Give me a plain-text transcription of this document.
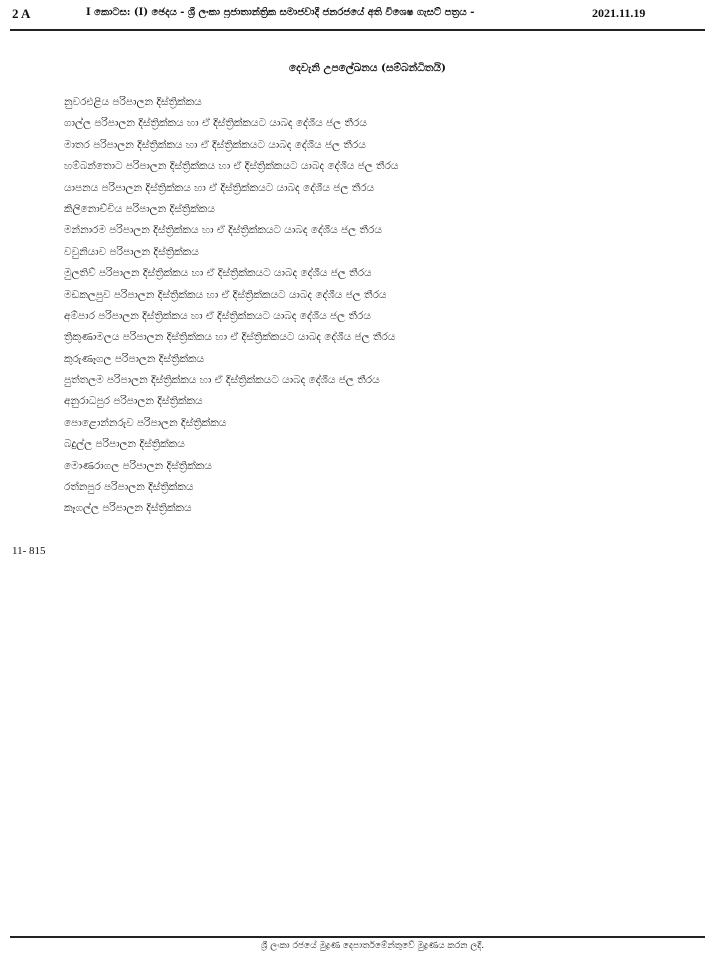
2 A	I කොටස: (I) ඡෙදය - ශ්‍රී ලංකා ප්‍රජාතාන්ත්‍රික සමාජවාදී ජනරජයේ අති විශෙෂ ගැසට් පත්‍රය -	2021.11.19
දෙවැනි උපලේඛනය (සම්බන්ධිතයි)
නුවරඑළිය පරිපාලන දිස්ත්‍රික්කය
ගාල්ල පරිපාලන දිස්ත්‍රික්කය හා ඒ දිස්ත්‍රික්කයට යාබද දේශීය ජල තීරය
මාතර පරිපාලන දිස්ත්‍රික්කය හා ඒ දිස්ත්‍රික්කයට යාබද දේශීය ජල තීරය
හම්බන්තොට පරිපාලන දිස්ත්‍රික්කය හා ඒ දිස්ත්‍රික්කයට යාබද දේශීය ජල තීරය
යාපනය පරිපාලන දිස්ත්‍රික්කය හා ඒ දිස්ත්‍රික්කයට යාබද දේශීය ජල තීරය
කිලිනොච්චිය පරිපාලන දිස්ත්‍රික්කය
මන්නාරම පරිපාලන දිස්ත්‍රික්කය හා ඒ දිස්ත්‍රික්කයට යාබද දේශීය ජල තීරය
වවුනියාව පරිපාලන දිස්ත්‍රික්කය
මුලතිව් පරිපාලන දිස්ත්‍රික්කය හා ඒ දිස්ත්‍රික්කයට යාබද දේශීය ජල තීරය
මඩකලපුව පරිපාලන දිස්ත්‍රික්කය හා ඒ දිස්ත්‍රික්කයට යාබද දේශීය ජල තීරය
අම්පාර පරිපාලන දිස්ත්‍රික්කය හා ඒ දිස්ත්‍රික්කයට යාබද දේශීය ජල තීරය
ත්‍රිකුණාමලය පරිපාලන දිස්ත්‍රික්කය හා ඒ දිස්ත්‍රික්කයට යාබද දේශීය ජල තීරය
කුරුණෑගල පරිපාලන දිස්ත්‍රික්කය
පුත්තලම පරිපාලන දිස්ත්‍රික්කය හා ඒ දිස්ත්‍රික්කයට යාබද දේශීය ජල තීරය
අනුරාධපුර පරිපාලන දිස්ත්‍රික්කය
පොළොන්නරුව පරිපාලන දිස්ත්‍රික්කය
බදුල්ල පරිපාලන දිස්ත්‍රික්කය
මොණරාගල පරිපාලන දිස්ත්‍රික්කය
රත්නපුර පරිපාලන දිස්ත්‍රික්කය
කෑගල්ල පරිපාලන දිස්ත්‍රික්කය
11- 815
ශ්‍රී ලංකා රජයේ මුද්‍රණ දෙපාර්තමේන්තුවේ මුද්‍රණය කරන ලදී.
